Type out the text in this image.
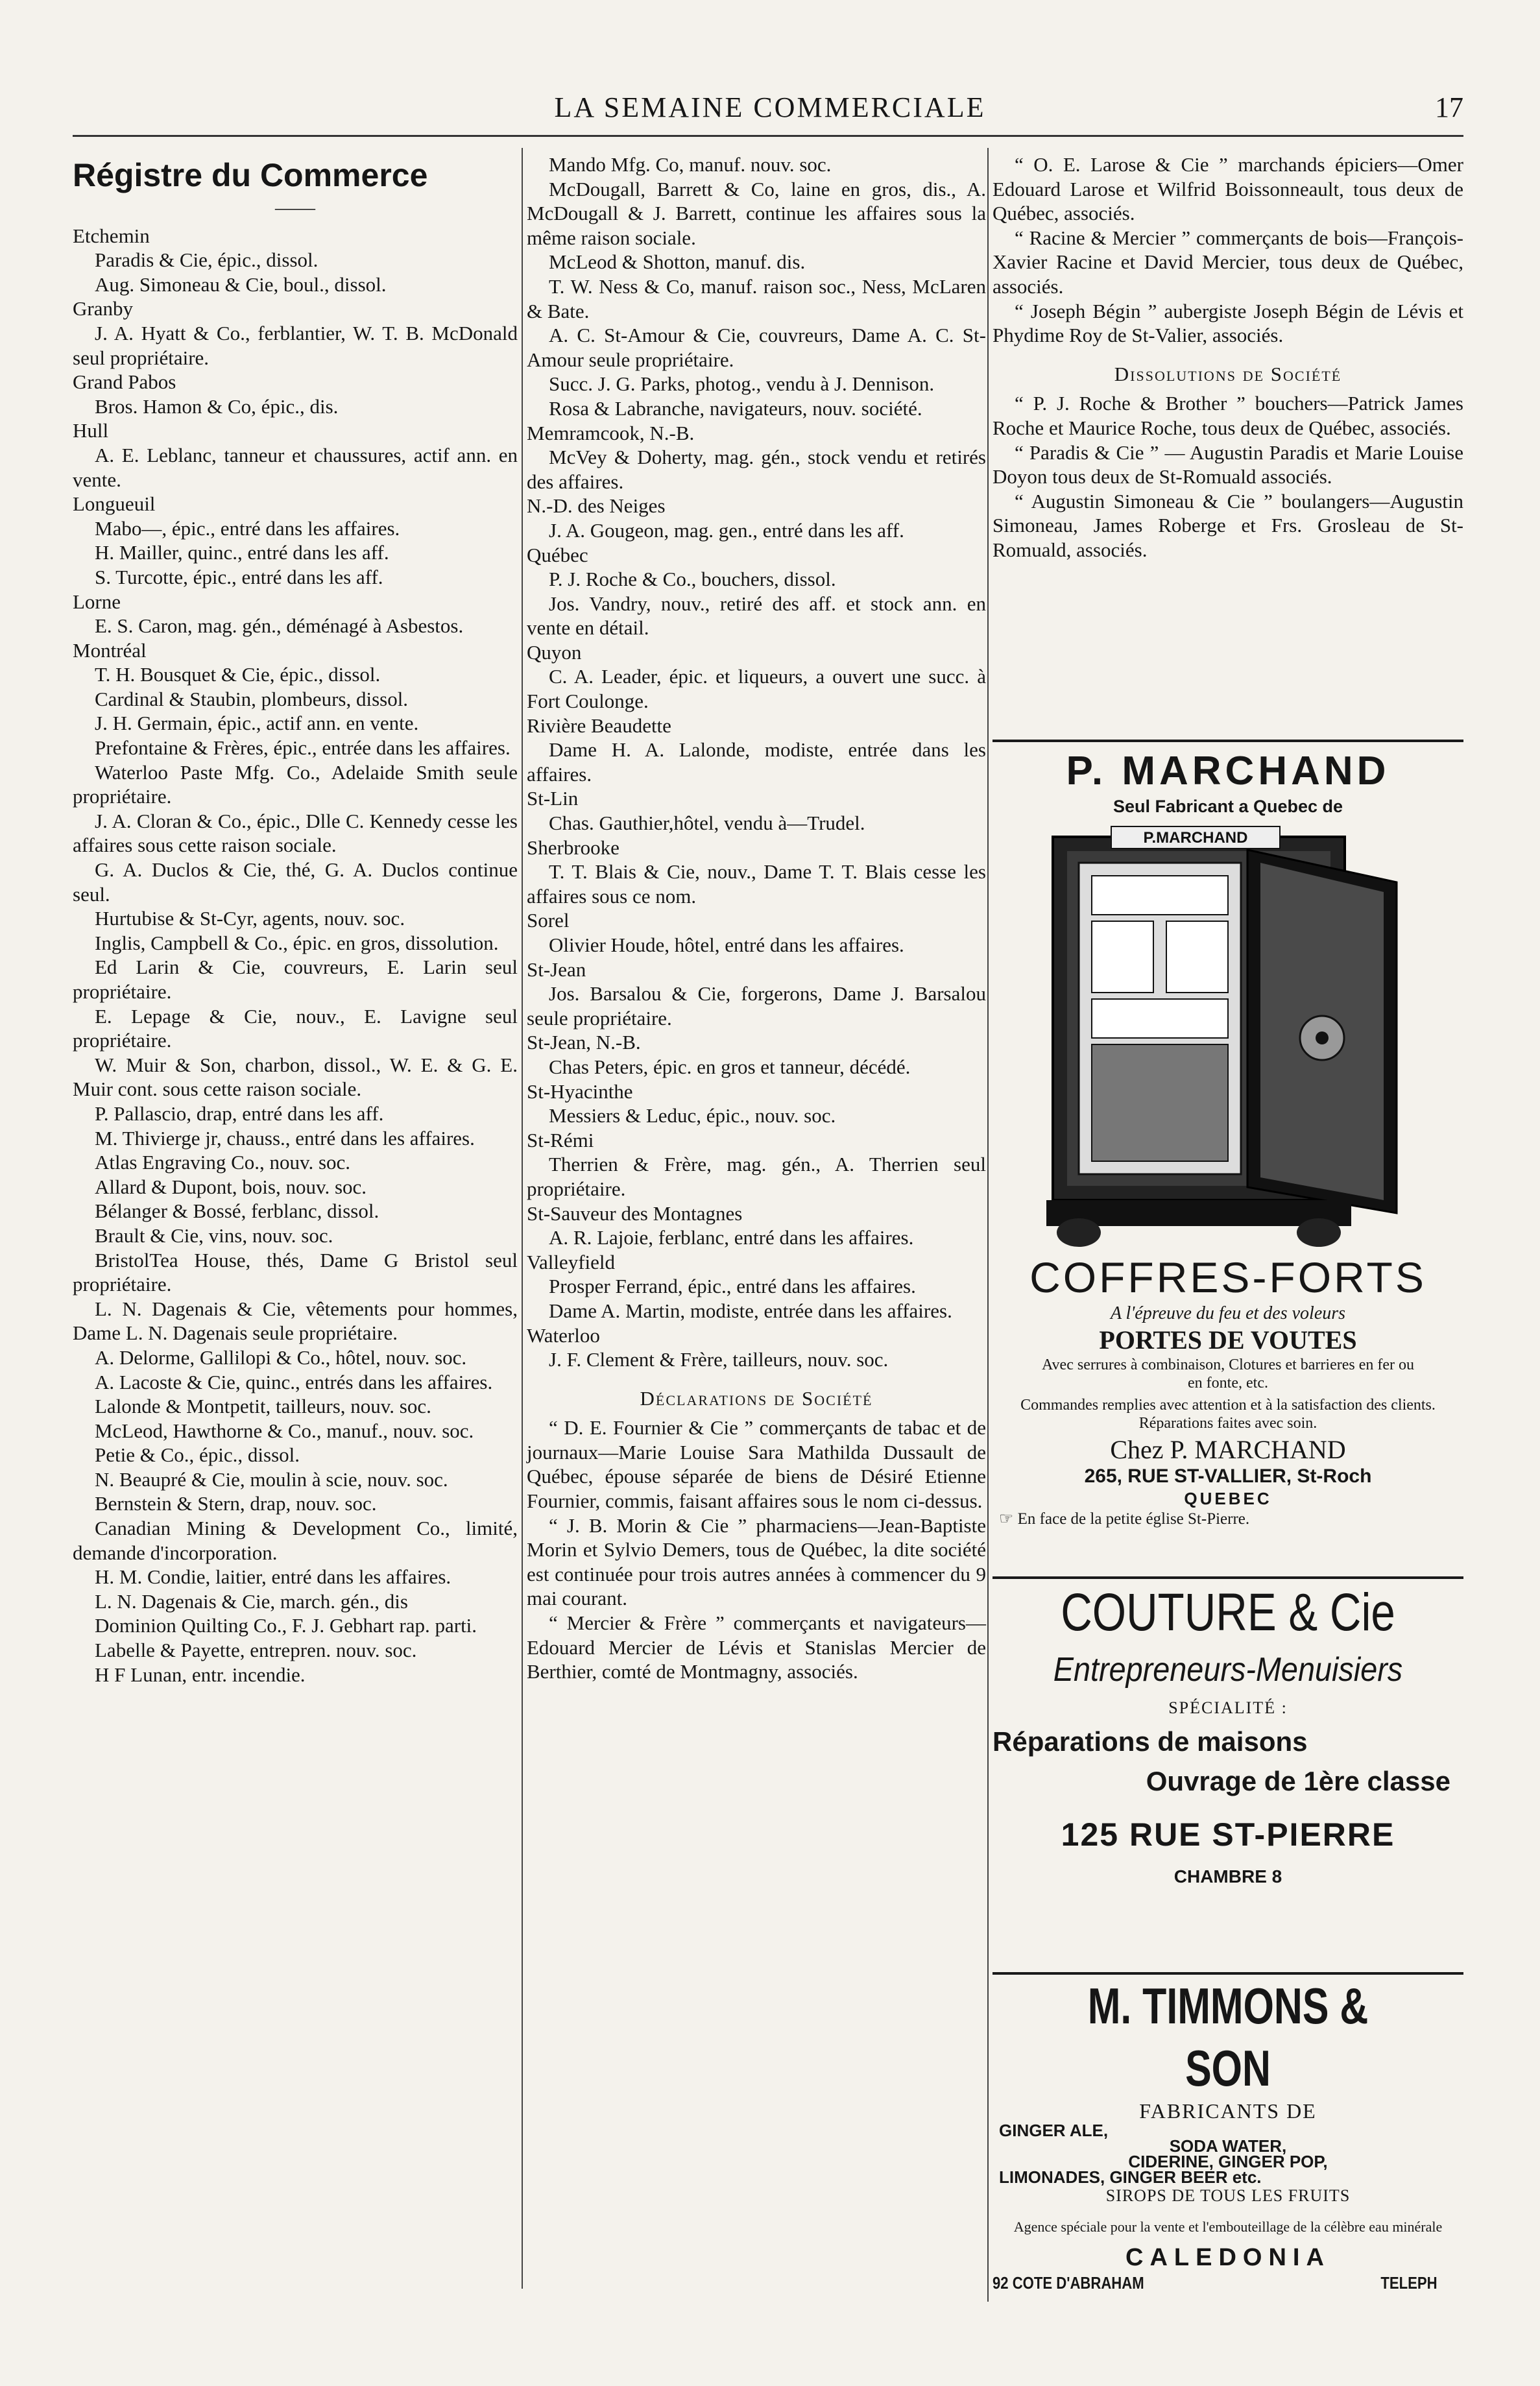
LA SEMAINE COMMERCIALE	17
Régistre du Commerce
——
Etchemin
Paradis & Cie, épic., dissol.
Aug. Simoneau & Cie, boul., dissol.
Granby
J. A. Hyatt & Co., ferblantier, W. T. B. McDonald seul propriétaire.
Grand Pabos
Bros. Hamon & Co, épic., dis.
Hull
A. E. Leblanc, tanneur et chaussures, actif ann. en vente.
Longueuil
Mabo—, épic., entré dans les affaires.
H. Mailler, quinc., entré dans les aff.
S. Turcotte, épic., entré dans les aff.
Lorne
E. S. Caron, mag. gén., déménagé à Asbestos.
Montréal
T. H. Bousquet & Cie, épic., dissol.
Cardinal & Staubin, plombeurs, dissol.
J. H. Germain, épic., actif ann. en vente.
Prefontaine & Frères, épic., entrée dans les affaires.
Waterloo Paste Mfg. Co., Adelaide Smith seule propriétaire.
J. A. Cloran & Co., épic., Dlle C. Kennedy cesse les affaires sous cette raison sociale.
G. A. Duclos & Cie, thé, G. A. Duclos continue seul.
Hurtubise & St-Cyr, agents, nouv. soc.
Inglis, Campbell & Co., épic. en gros, dissolution.
Ed Larin & Cie, couvreurs, E. Larin seul propriétaire.
E. Lepage & Cie, nouv., E. Lavigne seul propriétaire.
W. Muir & Son, charbon, dissol., W. E. & G. E. Muir cont. sous cette raison sociale.
P. Pallascio, drap, entré dans les aff.
M. Thivierge jr, chauss., entré dans les affaires.
Atlas Engraving Co., nouv. soc.
Allard & Dupont, bois, nouv. soc.
Bélanger & Bossé, ferblanc, dissol.
Brault & Cie, vins, nouv. soc.
BristolTea House, thés, Dame G Bristol seul propriétaire.
L. N. Dagenais & Cie, vêtements pour hommes, Dame L. N. Dagenais seule propriétaire.
A. Delorme, Gallilopi & Co., hôtel, nouv. soc.
A. Lacoste & Cie, quinc., entrés dans les affaires.
Lalonde & Montpetit, tailleurs, nouv. soc.
McLeod, Hawthorne & Co., manuf., nouv. soc.
Petie & Co., épic., dissol.
N. Beaupré & Cie, moulin à scie, nouv. soc.
Bernstein & Stern, drap, nouv. soc.
Canadian Mining & Development Co., limité, demande d'incorporation.
H. M. Condie, laitier, entré dans les affaires.
L. N. Dagenais & Cie, march. gén., dis
Dominion Quilting Co., F. J. Gebhart rap. parti.
Labelle & Payette, entrepren. nouv. soc.
H F Lunan, entr. incendie.
Mando Mfg. Co, manuf. nouv. soc.
McDougall, Barrett & Co, laine en gros, dis., A. McDougall & J. Barrett, continue les affaires sous la même raison sociale.
McLeod & Shotton, manuf. dis.
T. W. Ness & Co, manuf. raison soc., Ness, McLaren & Bate.
A. C. St-Amour & Cie, couvreurs, Dame A. C. St-Amour seule propriétaire.
Succ. J. G. Parks, photog., vendu à J. Dennison.
Rosa & Labranche, navigateurs, nouv. société.
Memramcook, N.-B.
McVey & Doherty, mag. gén., stock vendu et retirés des affaires.
N.-D. des Neiges
J. A. Gougeon, mag. gen., entré dans les aff.
Québec
P. J. Roche & Co., bouchers, dissol.
Jos. Vandry, nouv., retiré des aff. et stock ann. en vente en détail.
Quyon
C. A. Leader, épic. et liqueurs, a ouvert une succ. à Fort Coulonge.
Rivière Beaudette
Dame H. A. Lalonde, modiste, entrée dans les affaires.
St-Lin
Chas. Gauthier,hôtel, vendu à—Trudel.
Sherbrooke
T. T. Blais & Cie, nouv., Dame T. T. Blais cesse les affaires sous ce nom.
Sorel
Olivier Houde, hôtel, entré dans les affaires.
St-Jean
Jos. Barsalou & Cie, forgerons, Dame J. Barsalou seule propriétaire.
St-Jean, N.-B.
Chas Peters, épic. en gros et tanneur, décédé.
St-Hyacinthe
Messiers & Leduc, épic., nouv. soc.
St-Rémi
Therrien & Frère, mag. gén., A. Therrien seul propriétaire.
St-Sauveur des Montagnes
A. R. Lajoie, ferblanc, entré dans les affaires.
Valleyfield
Prosper Ferrand, épic., entré dans les affaires.
Dame A. Martin, modiste, entrée dans les affaires.
Waterloo
J. F. Clement & Frère, tailleurs, nouv. soc.
Déclarations de Société
“ D. E. Fournier & Cie ” commerçants de tabac et de journaux—Marie Louise Sara Mathilda Dussault de Québec, épouse séparée de biens de Désiré Etienne Fournier, commis, faisant affaires sous le nom ci-dessus.
“ J. B. Morin & Cie ” pharmaciens—Jean-Baptiste Morin et Sylvio Demers, tous de Québec, la dite société est continuée pour trois autres années à commencer du 9 mai courant.
“ Mercier & Frère ” commerçants et navigateurs—Edouard Mercier de Lévis et Stanislas Mercier de Berthier, comté de Montmagny, associés.
“ O. E. Larose & Cie ” marchands épiciers—Omer Edouard Larose et Wilfrid Boissonneault, tous deux de Québec, associés.
“ Racine & Mercier ” commerçants de bois—François-Xavier Racine et David Mercier, tous deux de Québec, associés.
“ Joseph Bégin ” aubergiste Joseph Bégin de Lévis et Phydime Roy de St-Valier, associés.
Dissolutions de Société
“ P. J. Roche & Brother ” bouchers—Patrick James Roche et Maurice Roche, tous deux de Québec, associés.
“ Paradis & Cie ” — Augustin Paradis et Marie Louise Doyon tous deux de St-Romuald associés.
“ Augustin Simoneau & Cie ” boulangers—Augustin Simoneau, James Roberge et Frs. Grosleau de St-Romuald, associés.
P. MARCHAND
Seul Fabricant a Quebec de
P.MARCHAND
COFFRES-FORTS
A l'épreuve du feu et des voleurs
PORTES DE VOUTES
Avec serrures à combinaison, Clotures et barrieres en fer ou en fonte, etc.
Commandes remplies avec attention et à la satisfaction des clients. Réparations faites avec soin.
Chez P. MARCHAND
265, RUE ST-VALLIER, St-Roch
QUEBEC
☞ En face de la petite église St-Pierre.
COUTURE & Cie
Entrepreneurs-Menuisiers
SPÉCIALITÉ :
Réparations de maisons
Ouvrage de 1ère classe
125 RUE ST-PIERRE
CHAMBRE 8
M. TIMMONS & SON
FABRICANTS DE
GINGER ALE,
SODA WATER,
CIDERINE, GINGER POP,
LIMONADES, GINGER BEER etc.
SIROPS DE TOUS LES FRUITS
Agence spéciale pour la vente et l'embouteillage de la célèbre eau minérale
CALEDONIA
92 COTE D'ABRAHAM	TELEPH
